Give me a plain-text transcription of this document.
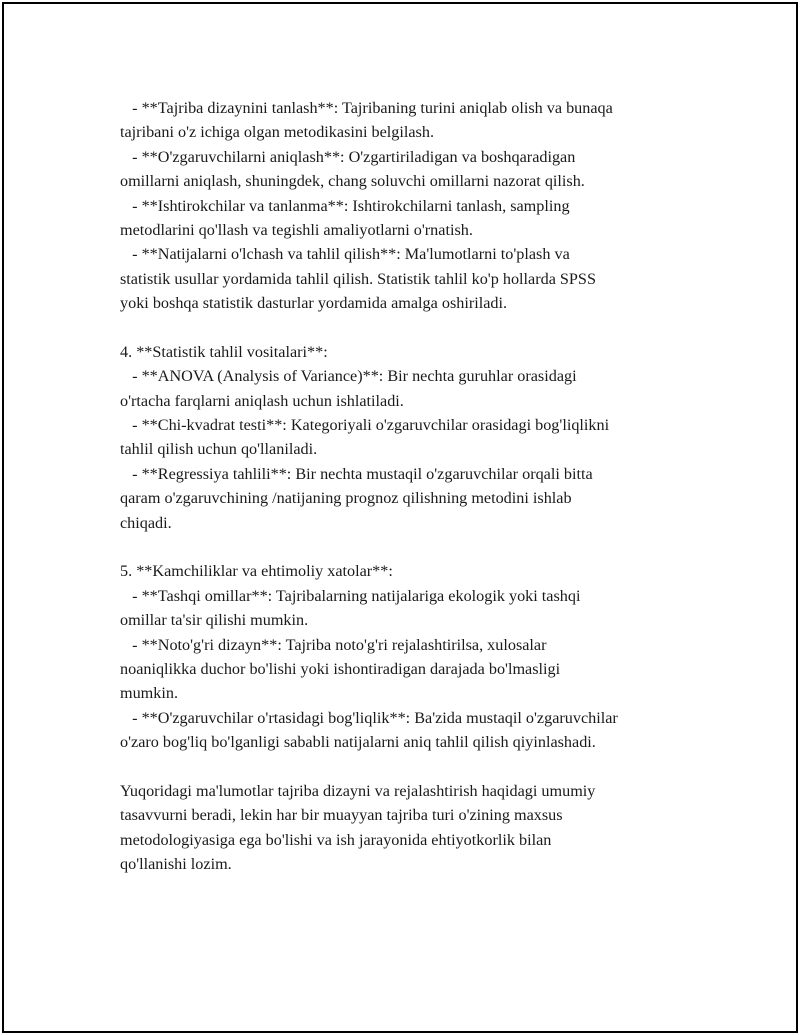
- **Tajriba dizaynini tanlash**: Tajribaning turini aniqlab olish va bunaqa
tajribani o'z ichiga olgan metodikasini belgilash.
- **O'zgaruvchilarni aniqlash**: O'zgartiriladigan va boshqaradigan
omillarni aniqlash, shuningdek, chang soluvchi omillarni nazorat qilish.
- **Ishtirokchilar va tanlanma**: Ishtirokchilarni tanlash, sampling
metodlarini qo'llash va tegishli amaliyotlarni o'rnatish.
- **Natijalarni o'lchash va tahlil qilish**: Ma'lumotlarni to'plash va
statistik usullar yordamida tahlil qilish. Statistik tahlil ko'p hollarda SPSS
yoki boshqa statistik dasturlar yordamida amalga oshiriladi.
4. **Statistik tahlil vositalari**:
- **ANOVA (Analysis of Variance)**: Bir nechta guruhlar orasidagi
o'rtacha farqlarni aniqlash uchun ishlatiladi.
- **Chi-kvadrat testi**: Kategoriyali o'zgaruvchilar orasidagi bog'liqlikni
tahlil qilish uchun qo'llaniladi.
- **Regressiya tahlili**: Bir nechta mustaqil o'zgaruvchilar orqali bitta
qaram o'zgaruvchining /natijaning prognoz qilishning metodini ishlab
chiqadi.
5. **Kamchiliklar va ehtimoliy xatolar**:
- **Tashqi omillar**: Tajribalarning natijalariga ekologik yoki tashqi
omillar ta'sir qilishi mumkin.
- **Noto'g'ri dizayn**: Tajriba noto'g'ri rejalashtirilsa, xulosalar
noaniqlikka duchor bo'lishi yoki ishontiradigan darajada bo'lmasligi
mumkin.
- **O'zgaruvchilar o'rtasidagi bog'liqlik**: Ba'zida mustaqil o'zgaruvchilar
o'zaro bog'liq bo'lganligi sababli natijalarni aniq tahlil qilish qiyinlashadi.
Yuqoridagi ma'lumotlar tajriba dizayni va rejalashtirish haqidagi umumiy
tasavvurni beradi, lekin har bir muayyan tajriba turi o'zining maxsus
metodologiyasiga ega bo'lishi va ish jarayonida ehtiyotkorlik bilan
qo'llanishi lozim.
